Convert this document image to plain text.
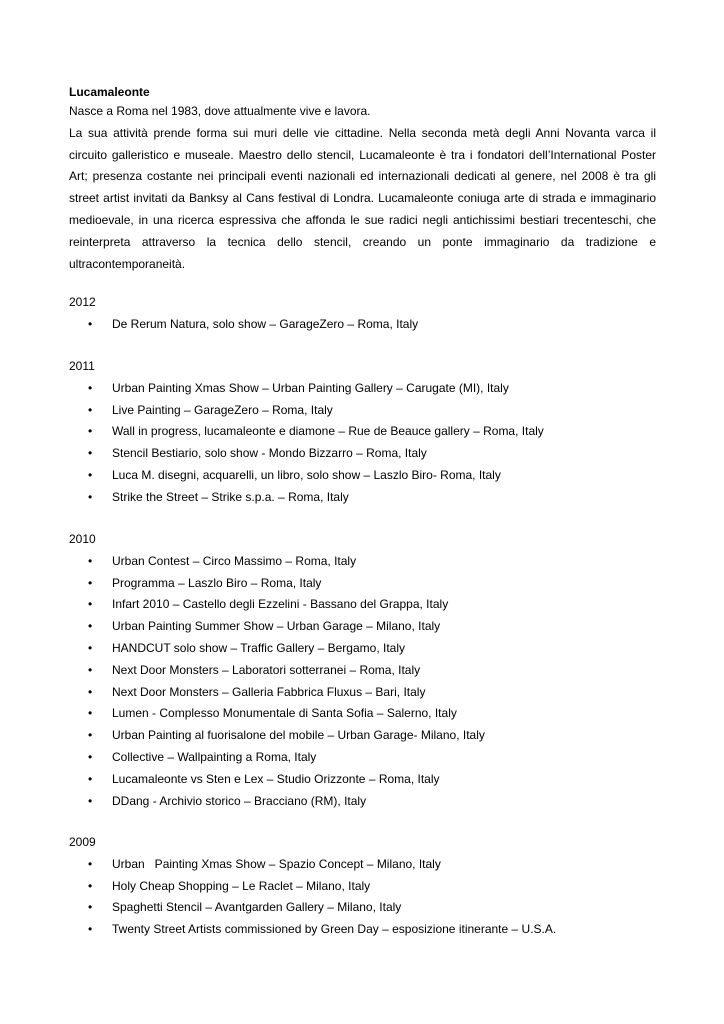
Lucamaleonte

Nasce a Roma nel 1983, dove attualmente vive e lavora.

La sua attività prende forma sui muri delle vie cittadine. Nella seconda metà degli Anni Novanta varca il

circuito galleristico e museale. Maestro dello stencil, Lucamaleonte è tra i fondatori dell’International Poster

Art; presenza costante nei principali eventi nazionali ed internazionali dedicati al genere, nel 2008 è tra gli

street artist invitati da Banksy al Cans festival di Londra. Lucamaleonte coniuga arte di strada e immaginario

medioevale, in una ricerca espressiva che affonda le sue radici negli antichissimi bestiari trecenteschi, che

reinterpreta attraverso la tecnica dello stencil, creando un ponte immaginario da tradizione e

ultracontemporaneità.

2012
• De Rerum Natura, solo show – GarageZero – Roma, Italy
2011
• Urban Painting Xmas Show – Urban Painting Gallery – Carugate (MI), Italy
• Live Painting – GarageZero – Roma, Italy
• Wall in progress, lucamaleonte e diamone – Rue de Beauce gallery – Roma, Italy
• Stencil Bestiario, solo show - Mondo Bizzarro – Roma, Italy
• Luca M. disegni, acquarelli, un libro, solo show – Laszlo Biro- Roma, Italy
• Strike the Street – Strike s.p.a. – Roma, Italy
2010
• Urban Contest – Circo Massimo – Roma, Italy
• Programma – Laszlo Biro – Roma, Italy
• Infart 2010 – Castello degli Ezzelini - Bassano del Grappa, Italy
• Urban Painting Summer Show – Urban Garage – Milano, Italy
• HANDCUT solo show – Traffic Gallery – Bergamo, Italy
• Next Door Monsters – Laboratori sotterranei – Roma, Italy
• Next Door Monsters – Galleria Fabbrica Fluxus – Bari, Italy
• Lumen - Complesso Monumentale di Santa Sofia – Salerno, Italy
• Urban Painting al fuorisalone del mobile – Urban Garage- Milano, Italy
• Collective – Wallpainting a Roma, Italy
• Lucamaleonte vs Sten e Lex – Studio Orizzonte – Roma, Italy
• DDang - Archivio storico – Bracciano (RM), Italy
2009
• Urban   Painting Xmas Show – Spazio Concept – Milano, Italy
• Holy Cheap Shopping – Le Raclet – Milano, Italy
• Spaghetti Stencil – Avantgarden Gallery – Milano, Italy
• Twenty Street Artists commissioned by Green Day – esposizione itinerante – U.S.A.
